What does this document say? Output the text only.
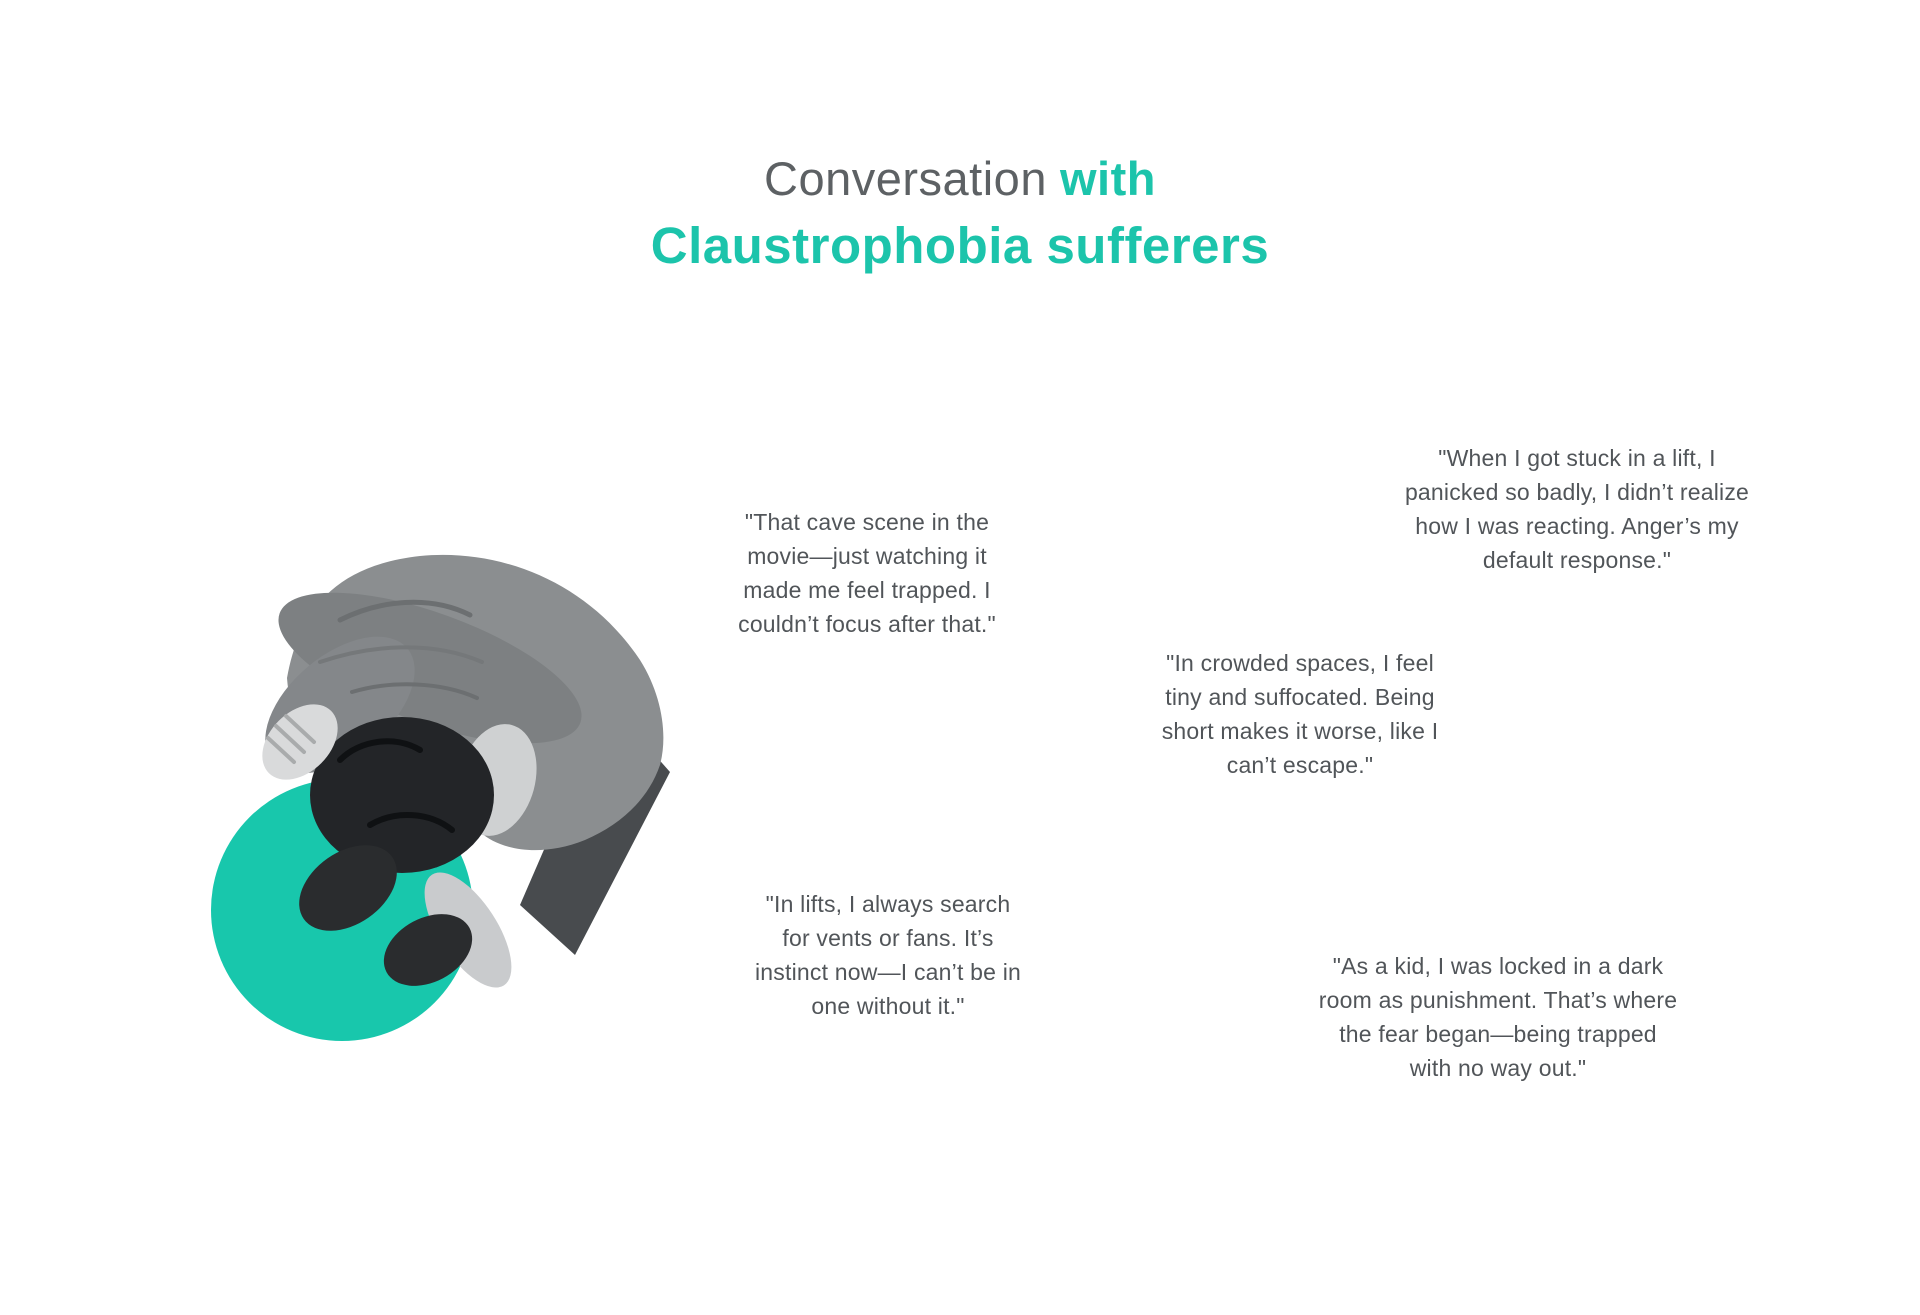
Conversation with
Claustrophobia sufferers
"That cave scene in the
movie—just watching it
made me feel trapped. I
couldn’t focus after that."
"When I got stuck in a lift, I
panicked so badly, I didn’t realize
how I was reacting. Anger’s my
default response."
"In crowded spaces, I feel
tiny and suffocated. Being
short makes it worse, like I
can’t escape."
"In lifts, I always search
for vents or fans. It’s
instinct now—I can’t be in
one without it."
"As a kid, I was locked in a dark
room as punishment. That’s where
the fear began—being trapped
with no way out."
